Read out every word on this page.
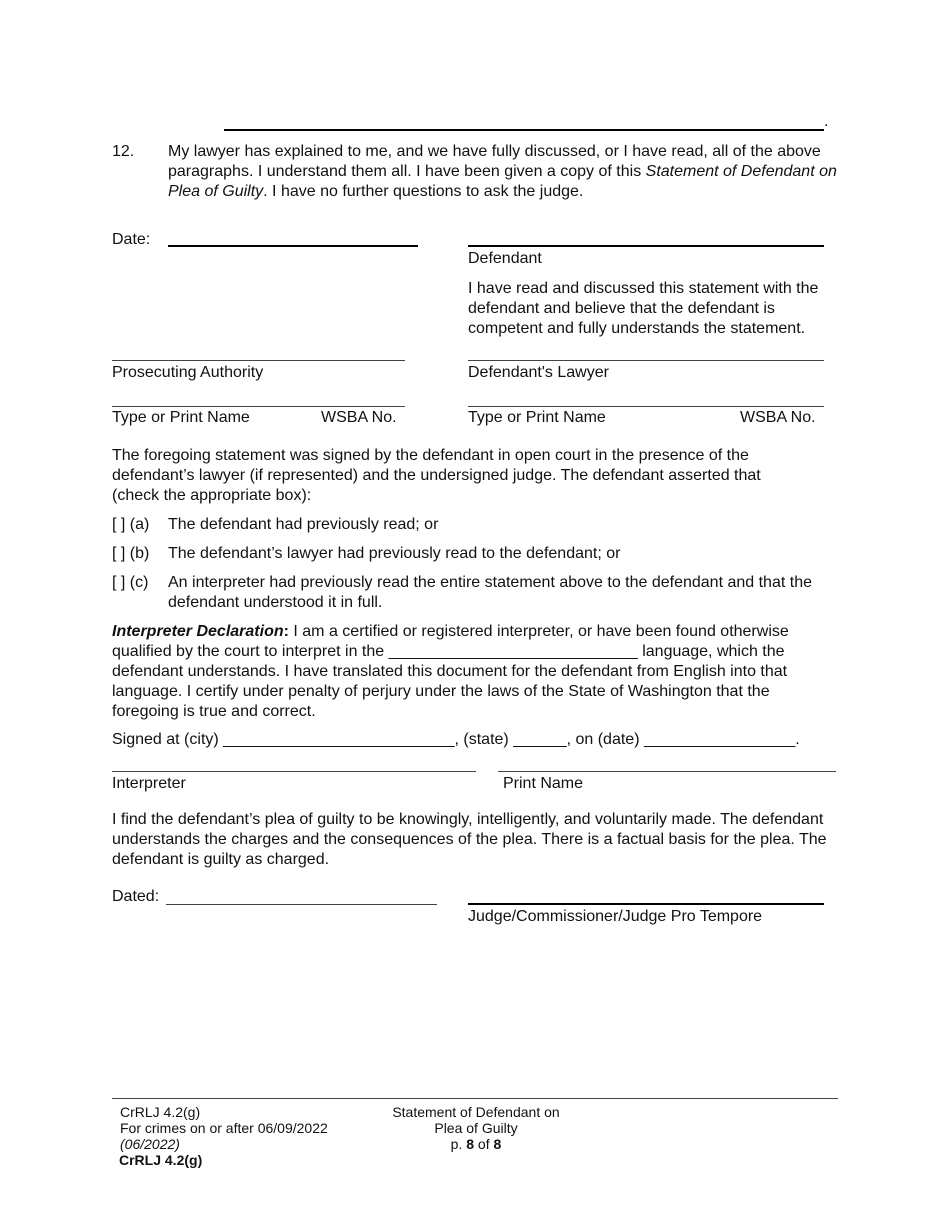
.
12. My lawyer has explained to me, and we have fully discussed, or I have read, all of the above paragraphs. I understand them all. I have been given a copy of this Statement of Defendant on Plea of Guilty. I have no further questions to ask the judge.

Date:
Defendant

I have read and discussed this statement with the defendant and believe that the defendant is competent and fully understands the statement.

Prosecuting Authority	Defendant's Lawyer
Type or Print Name	WSBA No.	Type or Print Name	WSBA No.

The foregoing statement was signed by the defendant in open court in the presence of the defendant’s lawyer (if represented) and the undersigned judge. The defendant asserted that (check the appropriate box):

[ ] (a) The defendant had previously read; or
[ ] (b) The defendant’s lawyer had previously read to the defendant; or
[ ] (c) An interpreter had previously read the entire statement above to the defendant and that the defendant understood it in full.

Interpreter Declaration: I am a certified or registered interpreter, or have been found otherwise qualified by the court to interpret in the ____________________________ language, which the defendant understands. I have translated this document for the defendant from English into that language. I certify under penalty of perjury under the laws of the State of Washington that the foregoing is true and correct.

Signed at (city) __________________________, (state) ______, on (date) _________________.
Interpreter	Print Name

I find the defendant’s plea of guilty to be knowingly, intelligently, and voluntarily made. The defendant understands the charges and the consequences of the plea. There is a factual basis for the plea. The defendant is guilty as charged.

Dated:
Judge/Commissioner/Judge Pro Tempore
CrRLJ 4.2(g)
For crimes on or after 06/09/2022
(06/2022)
CrRLJ 4.2(g)
Statement of Defendant on
Plea of Guilty
p. 8 of 8
